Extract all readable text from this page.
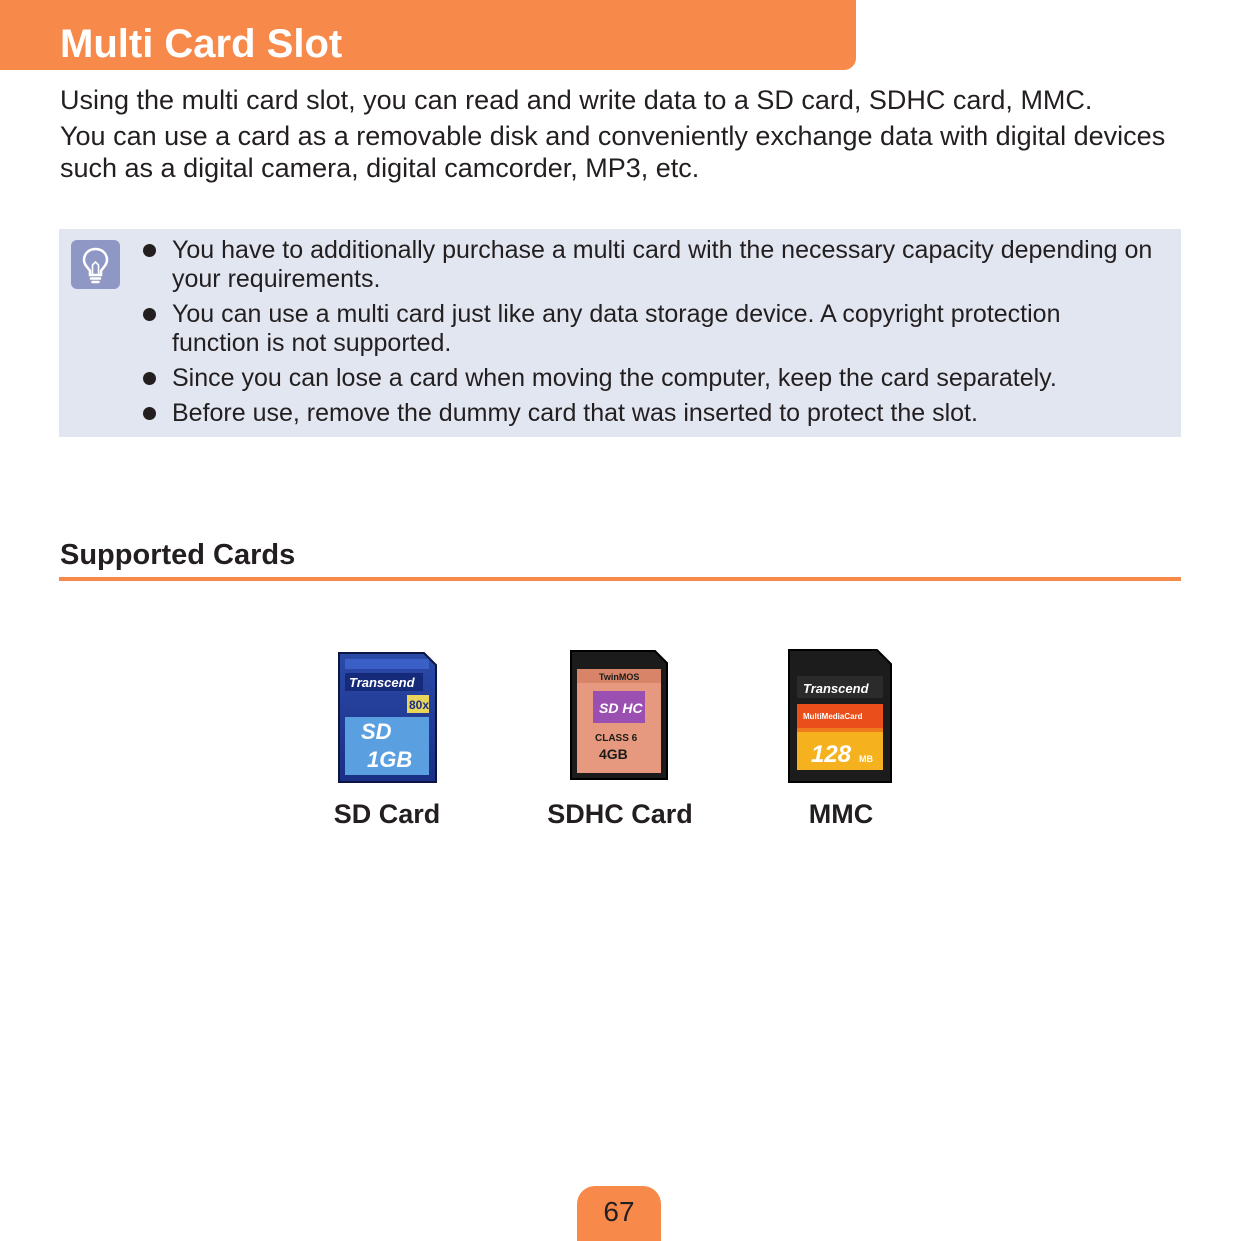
Multi Card Slot
Using the multi card slot, you can read and write data to a SD card, SDHC card, MMC.
You can use a card as a removable disk and conveniently exchange data with digital devices such as a digital camera, digital camcorder, MP3, etc.
You have to additionally purchase a multi card with the necessary capacity depending on your requirements.
You can use a multi card just like any data storage device. A copyright protection function is not supported.
Since you can lose a card when moving the computer, keep the card separately.
Before use, remove the dummy card that was inserted to protect the slot.
Supported Cards
Transcend
80x
SD
1GB
TwinMOS
SD HC
CLASS 6
4GB
Transcend
MultiMediaCard
128 MB
SD Card	SDHC Card	MMC
67
